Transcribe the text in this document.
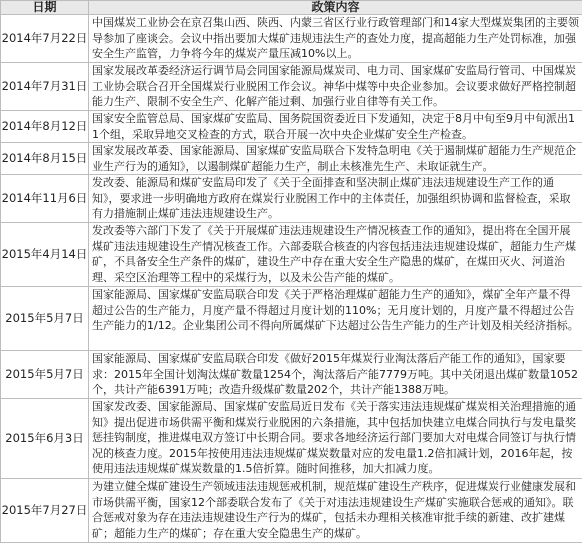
日期	政策内容
2014年7月22日	中国煤炭工业协会在京召集山西、陕西、内蒙三省区行业行政管理部门和14家大型煤炭集团的主要领导参加了座谈会。会议中指出要加大煤矿违规违法生产的查处力度，提高超能力生产处罚标准，加强安全生产监管，力争将今年的煤炭产量压减10%以上。
2014年7月31日	国家发展改革委经济运行调节局会同国家能源局煤炭司、电力司、国家煤矿安监局行管司、中国煤炭工业协会联合召开全国煤炭行业脱困工作会议。神华中煤等中央企业参加。会议要求做好严格控制超能力生产、限制不安全生产、化解产能过剩、加强行业自律等有关工作。
2014年8月12日	国家安全监管总局、国家煤矿安监局、国务院国资委近日下发通知，决定于8月中旬至9月中旬派出11个组，采取异地交叉检查的方式，联合开展一次中央企业煤矿安全生产检查。
2014年8月15日	国家发展改革委、国家能源局、国家煤矿安监局联合下发特急明电《关于遏制煤矿超能力生产规范企业生产行为的通知》，以遏制煤矿超能力生产，制止未核准先生产、未取证就生产。
2014年11月6日	发改委、能源局和煤矿安监局印发了《关于全面排查和坚决制止煤矿违法违规建设生产工作的通知》，要求进一步明确地方政府在煤炭行业脱困工作中的主体责任，加强组织协调和监督检查，采取有力措施制止煤矿违法违规建设生产。
2015年4月14日	发改委等六部门下发了《关于开展煤矿违法违规建设生产情况核查工作的通知》，提出将在全国开展煤矿违法违规建设生产情况核查工作。六部委联合核查的内容包括违法违规建设煤矿，超能力生产煤矿，不具备安全生产条件的煤矿，建设生产中存在重大安全生产隐患的煤矿，在煤田灭火、河道治理、采空区治理等工程中的采煤行为，以及未公告产能的煤矿。
2015年5月7日	国家能源局、国家煤矿安监局联合印发《关于严格治理煤矿超能力生产的通知》，煤矿全年产量不得超过公告的生产能力，月度产量不得超过月度计划的110%；无月度计划的，月度产量不得超过公告生产能力的1/12。企业集团公司不得向所属煤矿下达超过公告生产能力的生产计划及相关经济指标。
2015年5月7日	国家能源局、国家煤矿安监局联合印发《做好2015年煤炭行业淘汰落后产能工作的通知》，国家要求：2015年全国计划淘汰煤矿数量1254个，淘汰落后产能7779万吨。其中关闭退出煤矿数量1052个，共计产能6391万吨；改造升级煤矿数量202个，共计产能1388万吨。
2015年6月3日	国家发改委、国家能源局、国家煤矿安监局近日发布《关于落实违法违规煤矿煤炭相关治理措施的通知》提出促进市场供需平衡和煤炭行业脱困的六条措施，其中包括加快建立电煤合同执行与发电量奖惩挂钩制度，推进煤电双方签订中长期合同。要求各地经济运行部门要加大对电煤合同签订与执行情况的核查力度。2015年按使用违法违规煤矿煤炭数量对应的发电量1.2倍扣减计划，2016年起，按使用违法违规煤矿煤炭数量的1.5倍折算。随时间推移，加大扣减力度。
2015年7月27日	为建立健全煤矿建设生产领域违法违规惩戒机制，规范煤矿建设生产秩序，促进煤炭行业健康发展和市场供需平衡，国家12个部委联合发布了《关于对违法违规建设生产煤矿实施联合惩戒的通知》。联合惩戒对象为存在违法违规建设生产行为的煤矿，包括未办理相关核准审批手续的新建、改扩建煤矿；超能力生产的煤矿；存在重大安全隐患生产的煤矿。
